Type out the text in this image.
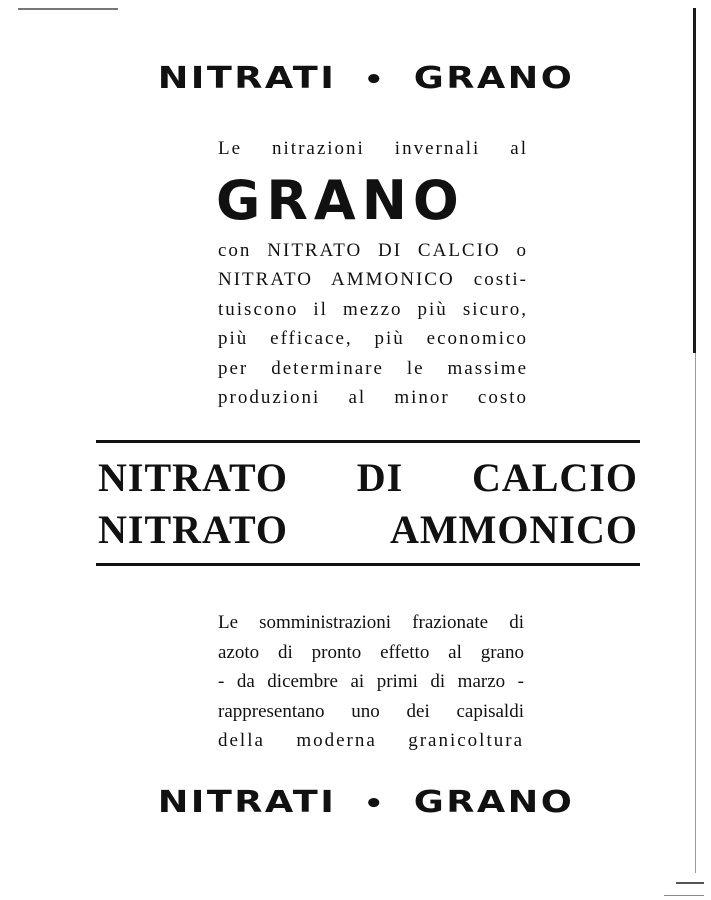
NITRATI • GRANO
Le nitrazioni invernali al
GRANO
con NITRATO DI CALCIO o
NITRATO AMMONICO costi-
tuiscono il mezzo più sicuro,
più efficace, più economico
per determinare le massime
produzioni al minor costo
NITRATO DI CALCIO
NITRATO AMMONICO
Le somministrazioni frazionate di
azoto di pronto effetto al grano
- da dicembre ai primi di marzo -
rappresentano uno dei capisaldi
della moderna granicoltura
NITRATI • GRANO
